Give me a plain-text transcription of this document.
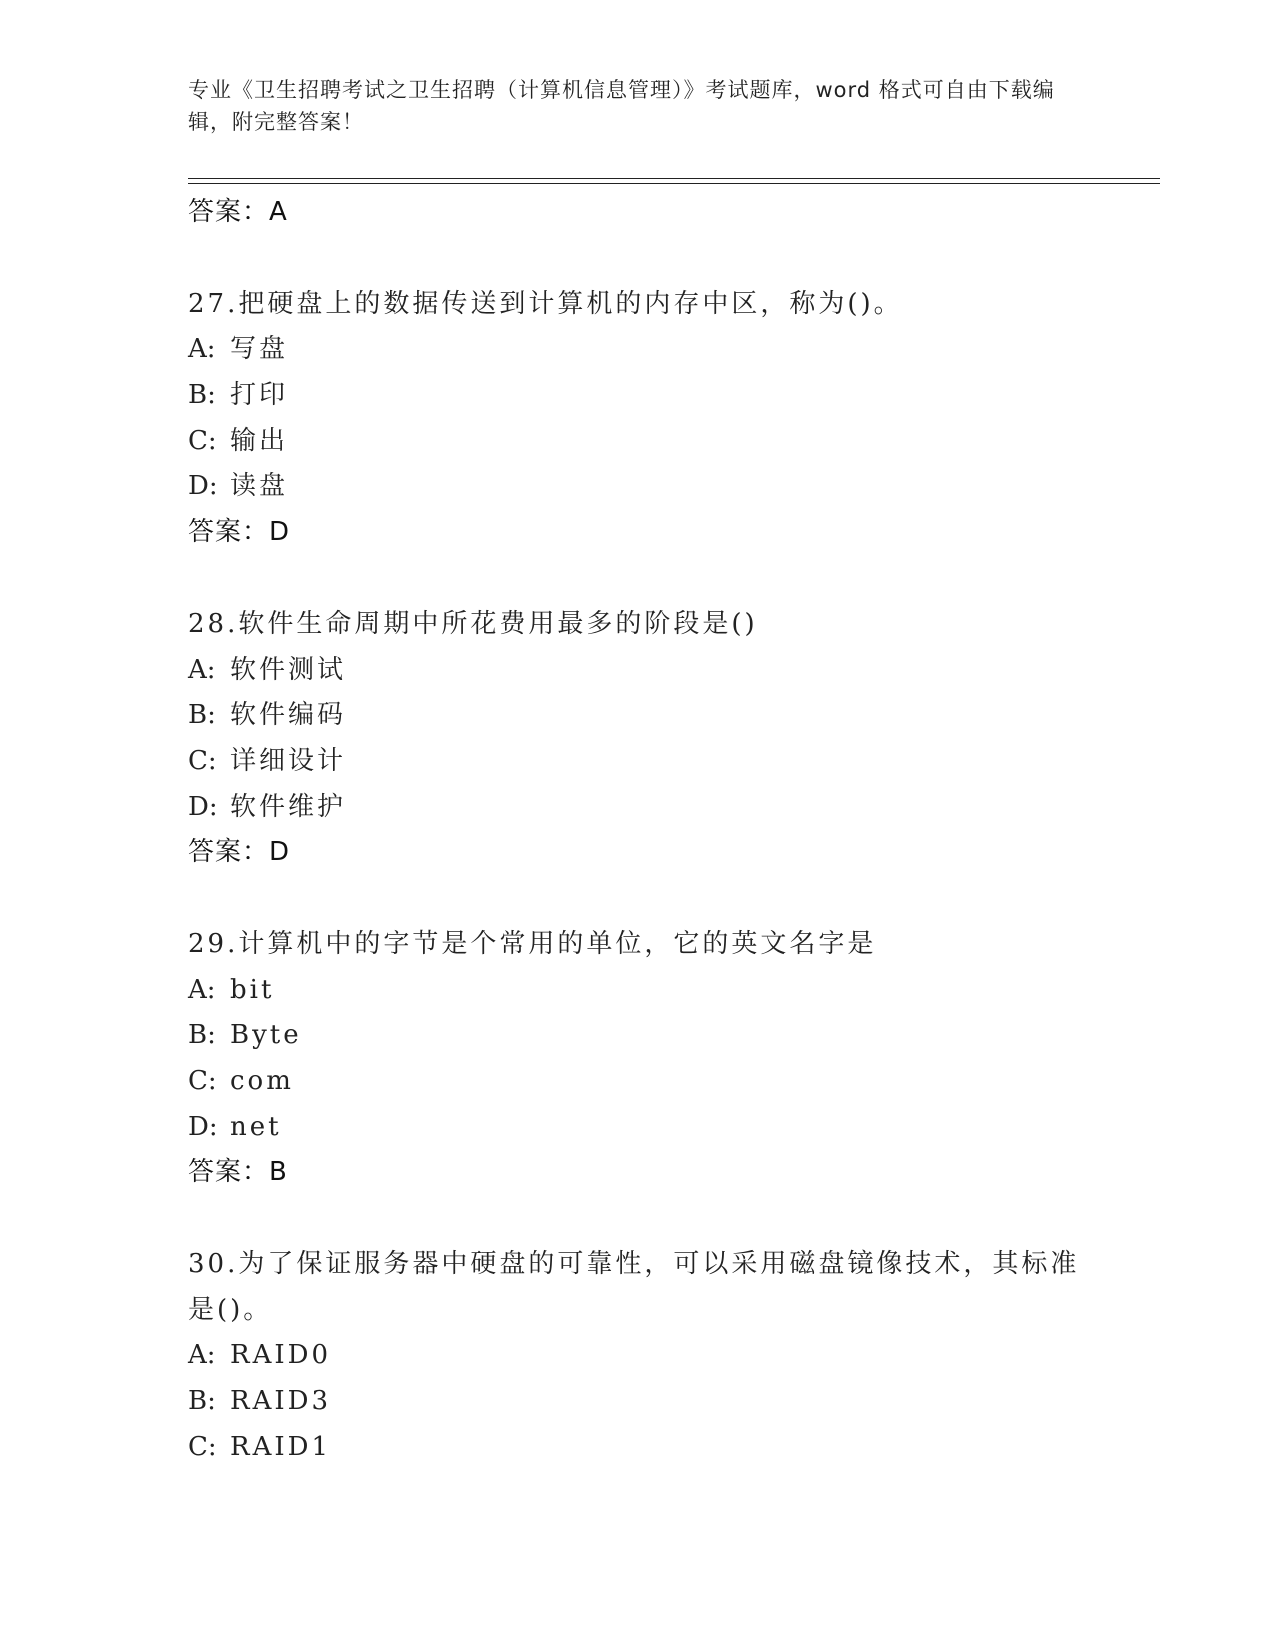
专业《卫生招聘考试之卫生招聘（计算机信息管理）》考试题库，word 格式可自由下载编辑，附完整答案！
答案：A
27.把硬盘上的数据传送到计算机的内存中区，称为()。
A: 写盘
B: 打印
C: 输出
D: 读盘
答案：D
28.软件生命周期中所花费用最多的阶段是()
A: 软件测试
B: 软件编码
C: 详细设计
D: 软件维护
答案：D
29.计算机中的字节是个常用的单位，它的英文名字是
A: bit
B: Byte
C: com
D: net
答案：B
30.为了保证服务器中硬盘的可靠性，可以采用磁盘镜像技术，其标准
是()。
A: RAID0
B: RAID3
C: RAID1
